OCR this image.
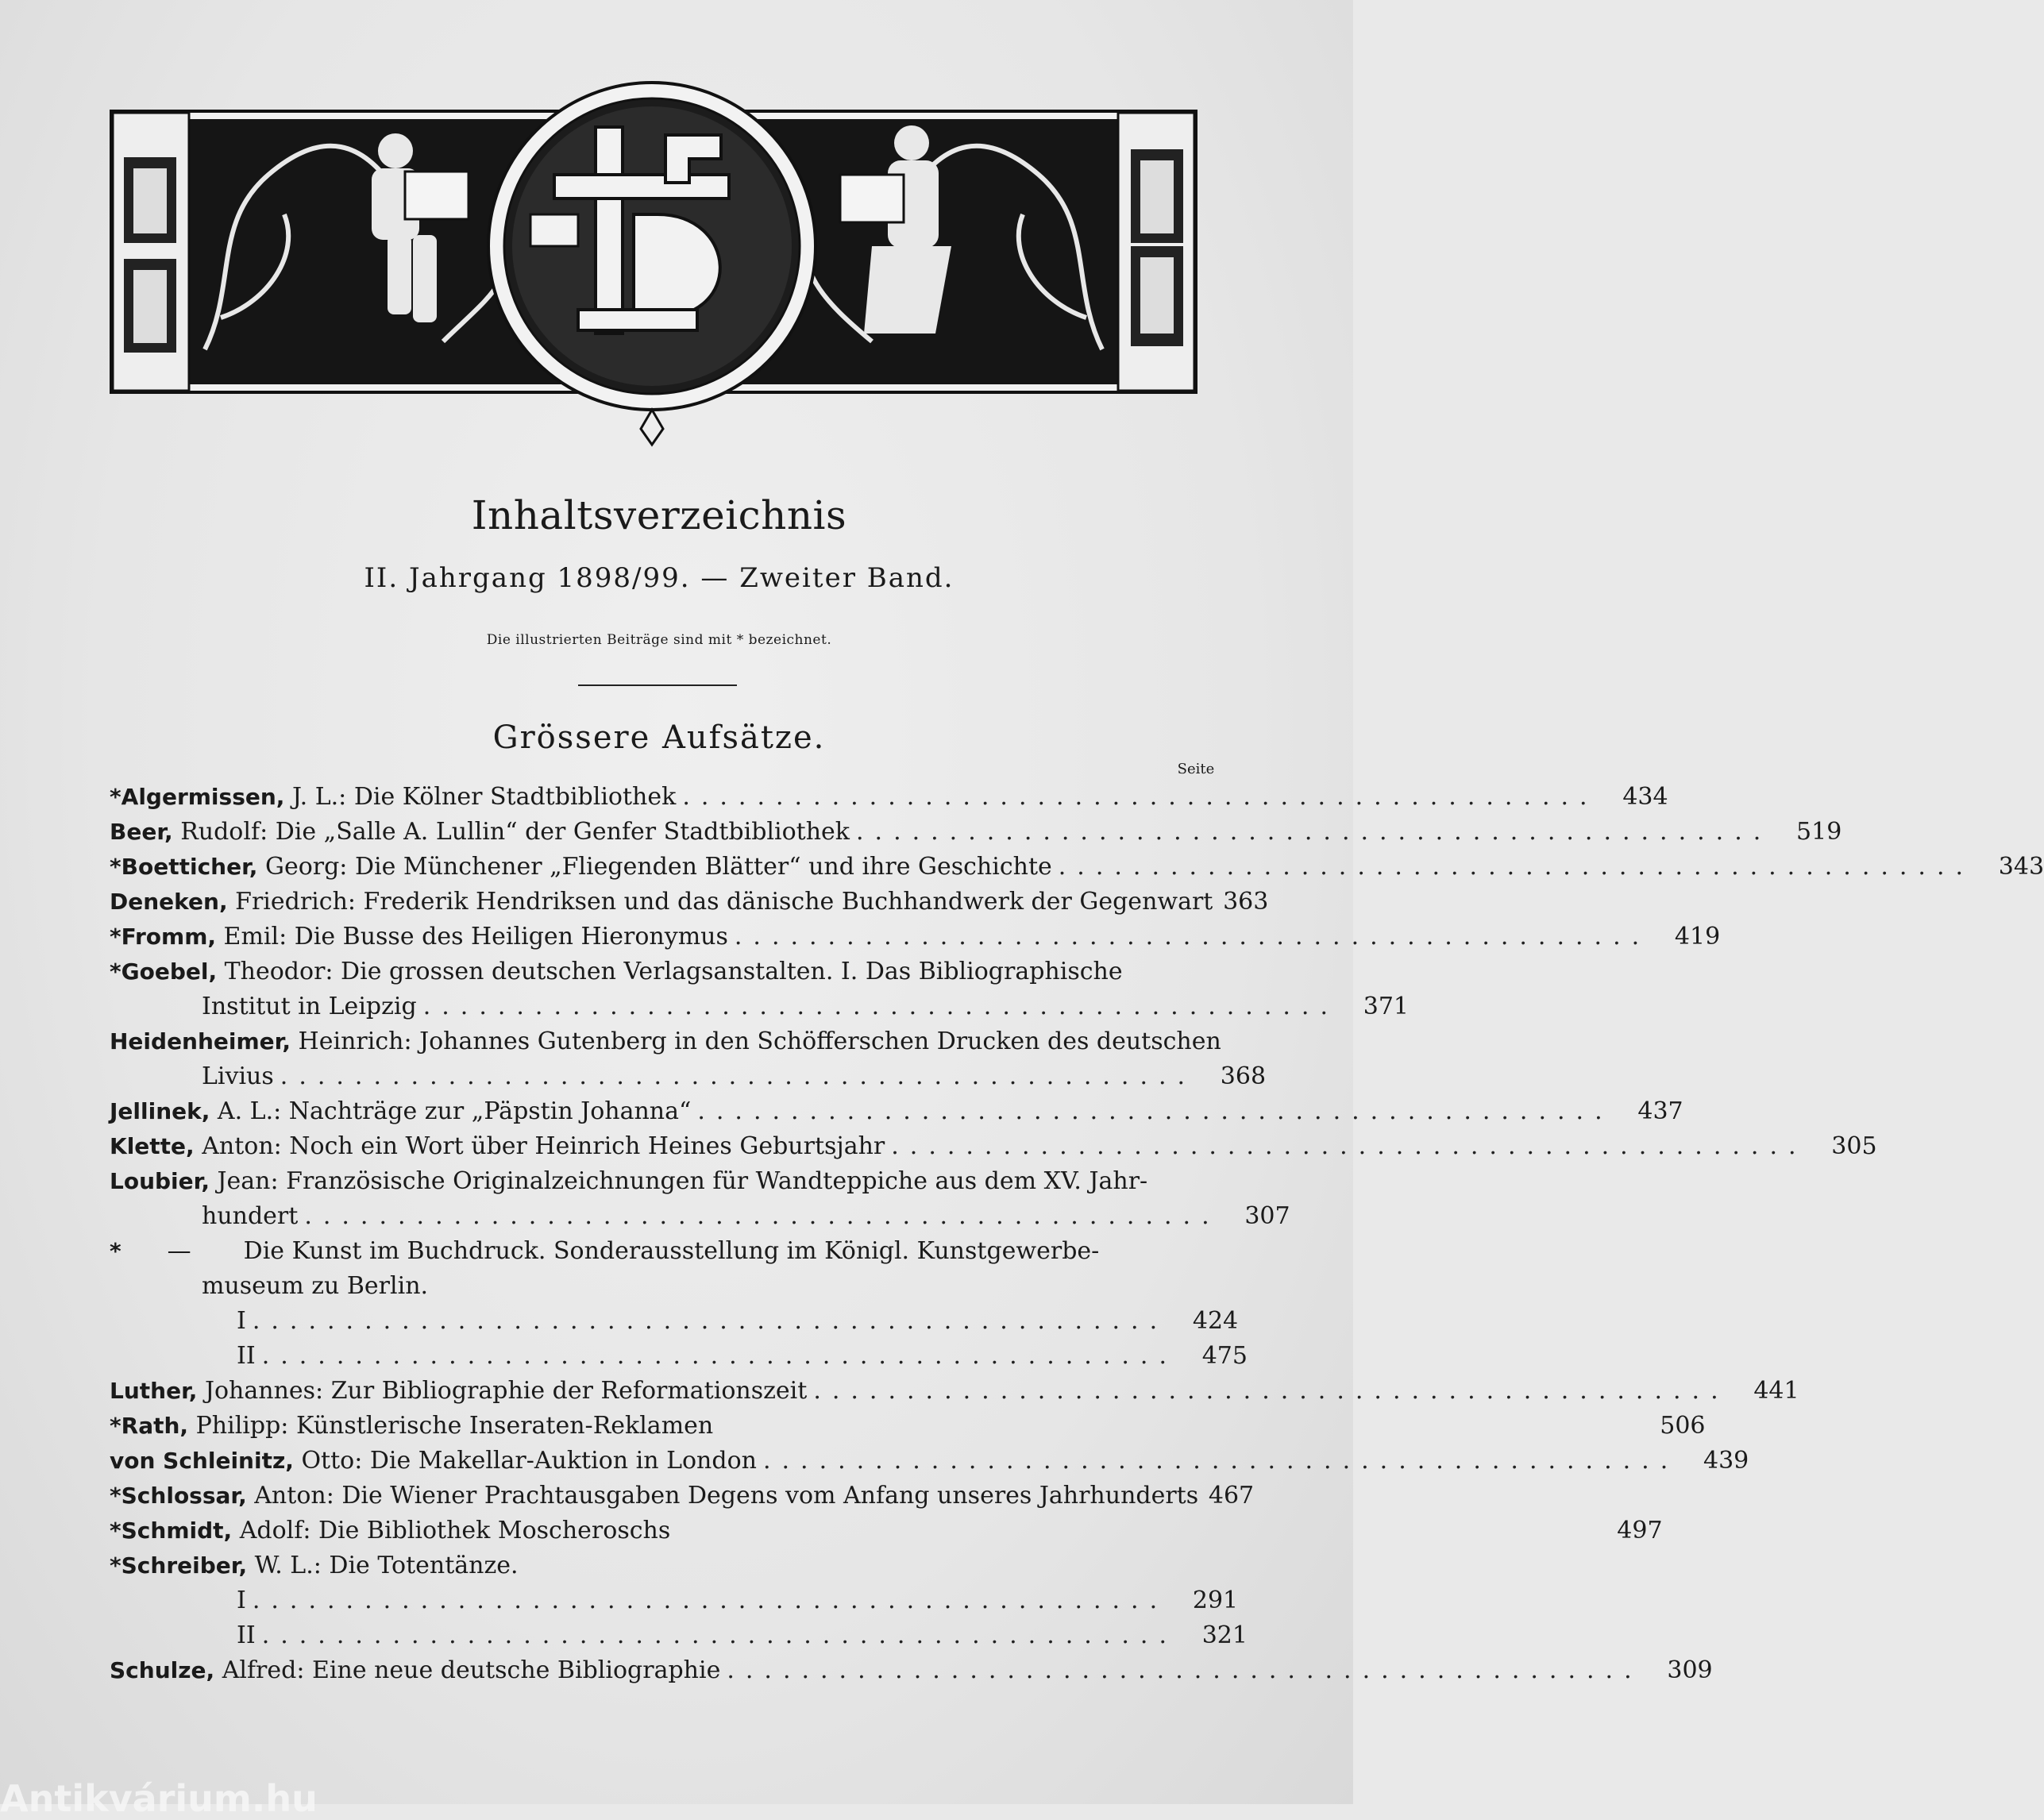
Inhaltsverzeichnis
II. Jahrgang 1898/99. — Zweiter Band.
Die illustrierten Beiträge sind mit * bezeichnet.
Grössere Aufsätze.
Seite
*Algermissen, J. L.: Die Kölner Stadtbibliothek .................................................	434
Beer, Rudolf: Die „Salle A. Lullin“ der Genfer Stadtbibliothek .................................................	519
*Boetticher, Georg: Die Münchener „Fliegenden Blätter“ und ihre Geschichte .................................................	343
Deneken, Friedrich: Frederik Hendriksen und das dänische Buchhandwerk der Gegenwart 363
*Fromm, Emil: Die Busse des Heiligen Hieronymus .................................................	419
*Goebel, Theodor: Die grossen deutschen Verlagsanstalten. I. Das Bibliographische
Institut in Leipzig .................................................	371
Heidenheimer, Heinrich: Johannes Gutenberg in den Schöfferschen Drucken des deutschen
Livius .................................................	368
Jellinek, A. L.: Nachträge zur „Päpstin Johanna“ .................................................	437
Klette, Anton: Noch ein Wort über Heinrich Heines Geburtsjahr .................................................	305
Loubier, Jean: Französische Originalzeichnungen für Wandteppiche aus dem XV. Jahr-
hundert .................................................	307
* — Die Kunst im Buchdruck. Sonderausstellung im Königl. Kunstgewerbe-
museum zu Berlin.
I .................................................	424
II .................................................	475
Luther, Johannes: Zur Bibliographie der Reformationszeit .................................................	441
*Rath, Philipp: Künstlerische Inseraten-Reklamen	506
von Schleinitz, Otto: Die Makellar-Auktion in London .................................................	439
*Schlossar, Anton: Die Wiener Prachtausgaben Degens vom Anfang unseres Jahrhunderts 467
*Schmidt, Adolf: Die Bibliothek Moscheroschs	497
*Schreiber, W. L.: Die Totentänze.
I .................................................	291
II .................................................	321
Schulze, Alfred: Eine neue deutsche Bibliographie .................................................	309
Antikvárium.hu
